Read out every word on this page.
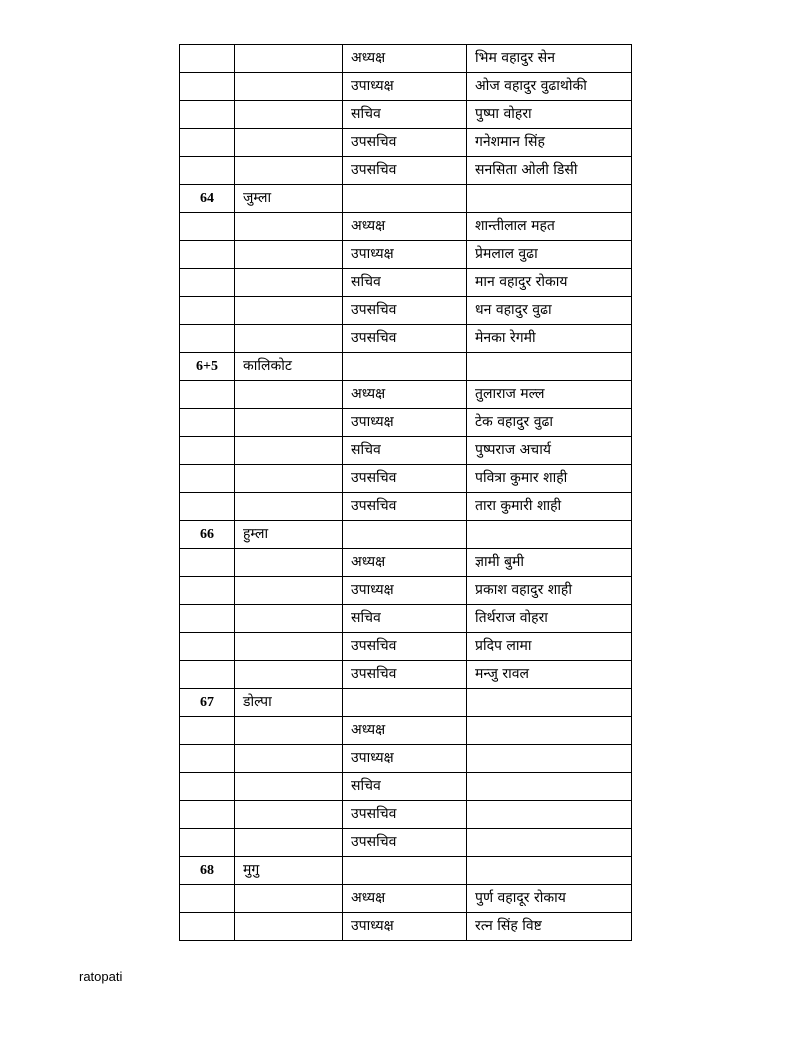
		अध्यक्ष	भिम वहादुर सेन
		उपाध्यक्ष	ओज वहादुर वुढाथोकी
		सचिव	पुष्पा वोहरा
		उपसचिव	गनेशमान सिंह
		उपसचिव	सनसिता ओली डिसी
64	जुम्ला		
		अध्यक्ष	शान्तीलाल महत
		उपाध्यक्ष	प्रेमलाल वुढा
		सचिव	मान वहादुर रोकाय
		उपसचिव	धन वहादुर वुढा
		उपसचिव	मेनका रेगमी
6+5	कालिकोट		
		अध्यक्ष	तुलाराज मल्ल
		उपाध्यक्ष	टेक वहादुर वुढा
		सचिव	पुष्पराज अचार्य
		उपसचिव	पवित्रा कुमार शाही
		उपसचिव	तारा कुमारी शाही
66	हुम्ला		
		अध्यक्ष	ज्ञामी बुमी
		उपाध्यक्ष	प्रकाश वहादुर शाही
		सचिव	तिर्थराज वोहरा
		उपसचिव	प्रदिप लामा
		उपसचिव	मन्जु रावल
67	डोल्पा		
		अध्यक्ष	
		उपाध्यक्ष	
		सचिव	
		उपसचिव	
		उपसचिव	
68	मुगु		
		अध्यक्ष	पुर्ण वहादूर रोकाय
		उपाध्यक्ष	रत्न सिंह विष्ट
ratopati
